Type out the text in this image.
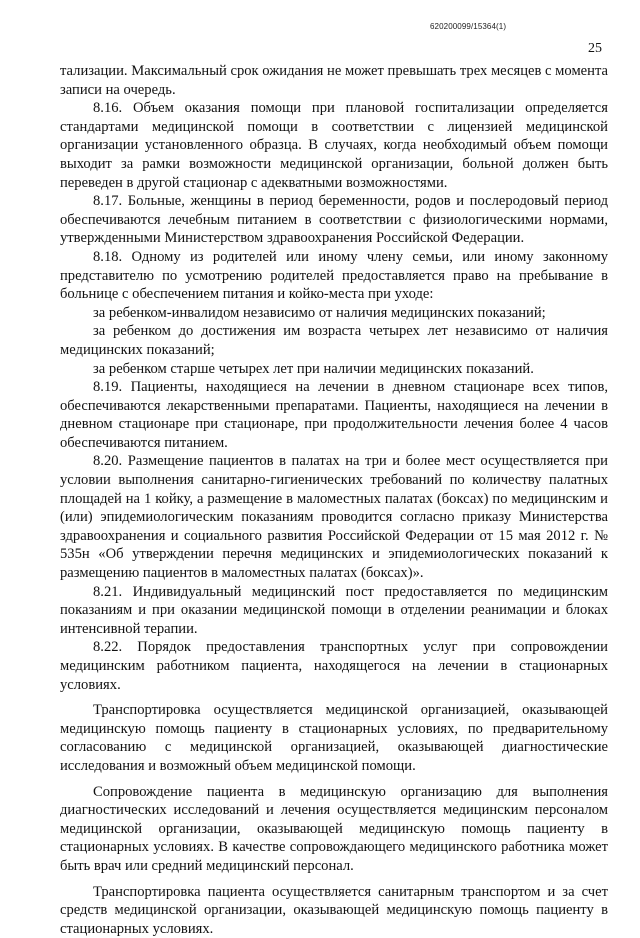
620200099/15364(1)
25

тализации. Максимальный срок ожидания не может превышать трех месяцев с момента записи на очередь.

8.16. Объем оказания помощи при плановой госпитализации определяется стандартами медицинской помощи в соответствии с лицензией медицинской организации установленного образца. В случаях, когда необходимый объем помощи выходит за рамки возможности медицинской организации, больной должен быть переведен в другой стационар с адекватными возможностями.

8.17. Больные, женщины в период беременности, родов и послеродовый период обеспечиваются лечебным питанием в соответствии с физиологическими нормами, утвержденными Министерством здравоохранения Российской Федерации.

8.18. Одному из родителей или иному члену семьи, или иному законному представителю по усмотрению родителей предоставляется право на пребывание в больнице с обеспечением питания и койко-места при уходе:

за ребенком-инвалидом независимо от наличия медицинских показаний;

за ребенком до достижения им возраста четырех лет независимо от наличия медицинских показаний;

за ребенком старше четырех лет при наличии медицинских показаний.

8.19. Пациенты, находящиеся на лечении в дневном стационаре всех типов, обеспечиваются лекарственными препаратами. Пациенты, находящиеся на лечении в дневном стационаре при стационаре, при продолжительности лечения более 4 часов обеспечиваются питанием.

8.20. Размещение пациентов в палатах на три и более мест осуществляется при условии выполнения санитарно-гигиенических требований по количеству палатных площадей на 1 койку, а размещение в маломестных палатах (боксах) по медицинским и (или) эпидемиологическим показаниям проводится согласно приказу Министерства здравоохранения и социального развития Российской Федерации от 15 мая 2012 г. № 535н «Об утверждении перечня медицинских и эпидемиологических показаний к размещению пациентов в маломестных палатах (боксах)».

8.21. Индивидуальный медицинский пост предоставляется по медицинским показаниям и при оказании медицинской помощи в отделении реанимации и блоках интенсивной терапии.

8.22. Порядок предоставления транспортных услуг при сопровождении медицинским работником пациента, находящегося на лечении в стационарных условиях.

Транспортировка осуществляется медицинской организацией, оказывающей медицинскую помощь пациенту в стационарных условиях, по предварительному согласованию с медицинской организацией, оказывающей диагностические исследования и возможный объем медицинской помощи.

Сопровождение пациента в медицинскую организацию для выполнения диагностических исследований и лечения осуществляется медицинским персоналом медицинской организации, оказывающей медицинскую помощь пациенту в стационарных условиях. В качестве сопровождающего медицинского работника может быть врач или средний медицинский персонал.

Транспортировка пациента осуществляется санитарным транспортом и за счет средств медицинской организации, оказывающей медицинскую помощь пациенту в стационарных условиях.
